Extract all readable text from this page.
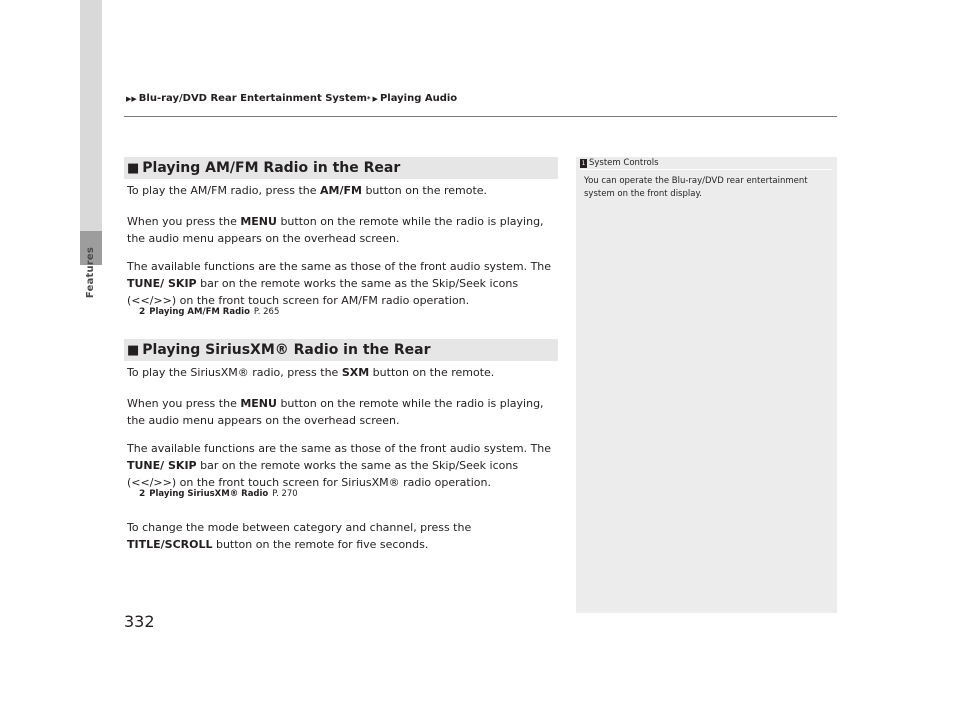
Features
▶▶ Blu-ray/DVD Rear Entertainment System * ▶ Playing Audio
■ Playing AM/FM Radio in the Rear
To play the AM/FM radio, press the AM/FM button on the remote.
When you press the MENU button on the remote while the radio is playing, the audio menu appears on the overhead screen.
The available functions are the same as those of the front audio system. The TUNE/ SKIP bar on the remote works the same as the Skip/Seek icons (<</>>) on the front touch screen for AM/FM radio operation.
2 Playing AM/FM Radio P. 265
■ Playing SiriusXM® Radio in the Rear
To play the SiriusXM® radio, press the SXM button on the remote.
When you press the MENU button on the remote while the radio is playing, the audio menu appears on the overhead screen.
The available functions are the same as those of the front audio system. The TUNE/ SKIP bar on the remote works the same as the Skip/Seek icons (<</>>) on the front touch screen for SiriusXM® radio operation.
2 Playing SiriusXM® Radio P. 270
To change the mode between category and channel, press the TITLE/SCROLL button on the remote for five seconds.
1 System Controls
You can operate the Blu-ray/DVD rear entertainment system on the front display.
332
